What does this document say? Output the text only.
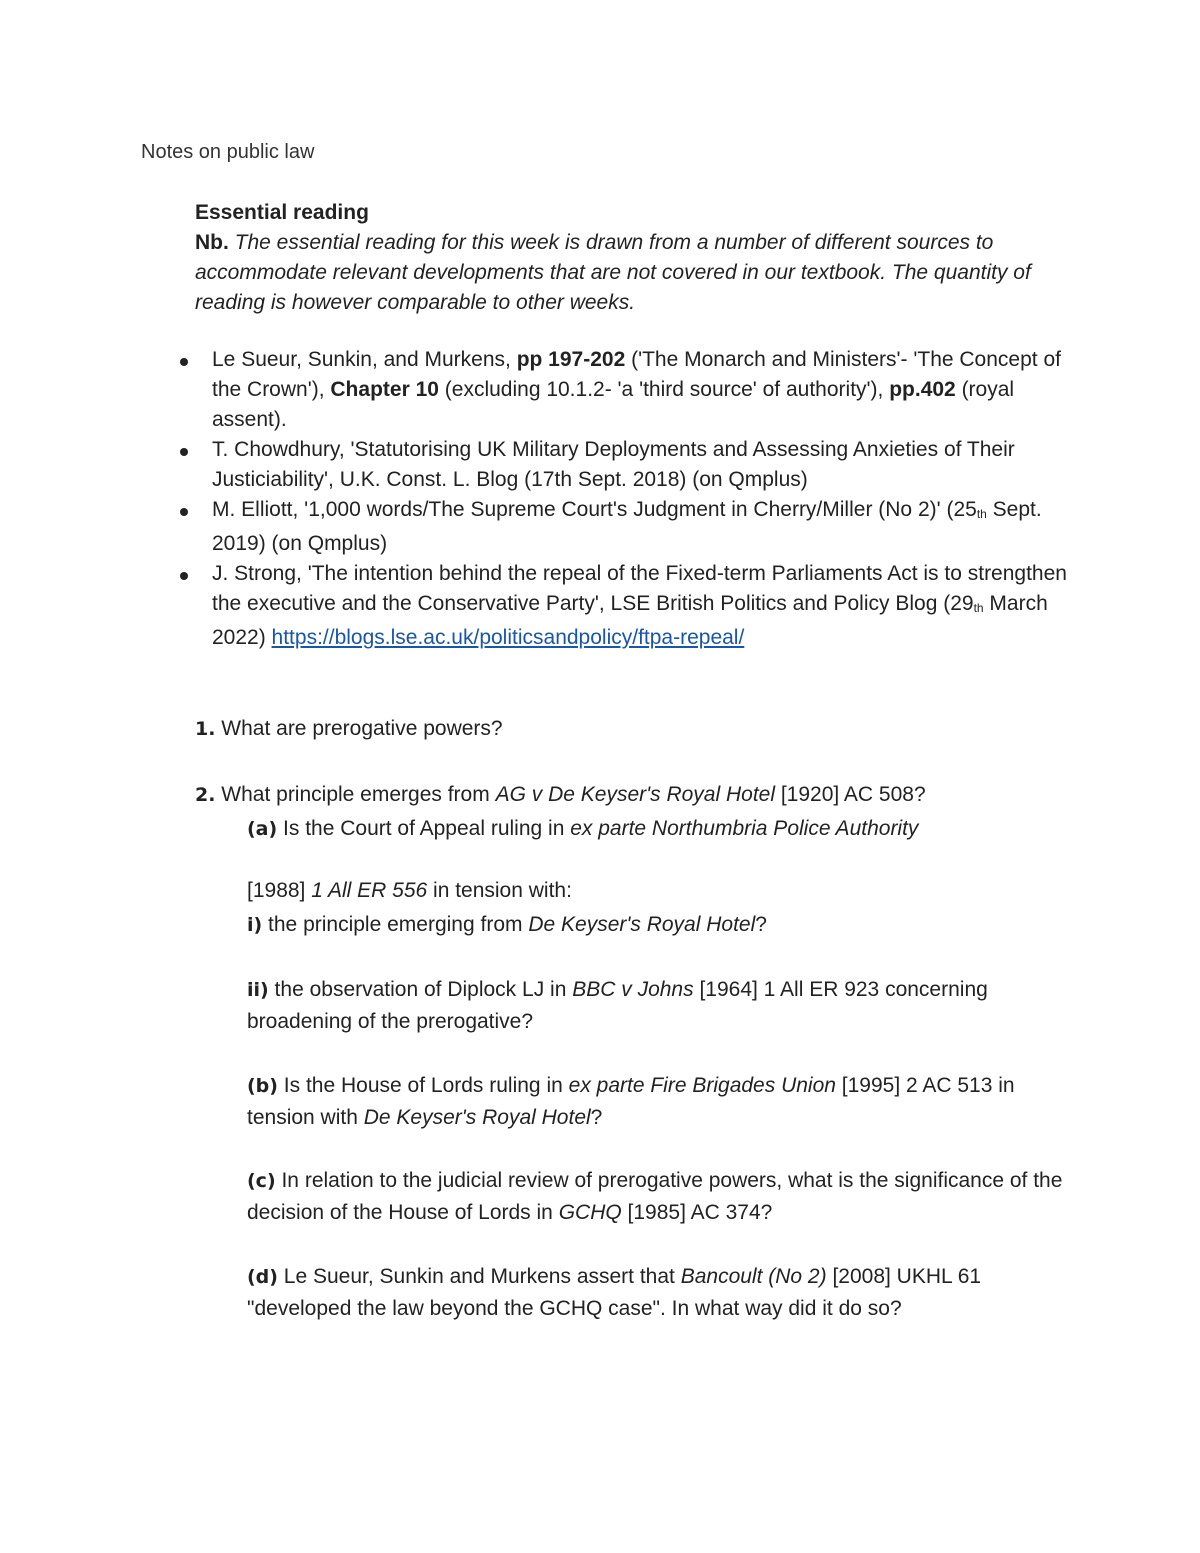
Notes on public law
Essential reading
Nb. The essential reading for this week is drawn from a number of different sources to accommodate relevant developments that are not covered in our textbook. The quantity of reading is however comparable to other weeks.
Le Sueur, Sunkin, and Murkens, pp 197-202 ('The Monarch and Ministers'- 'The Concept of the Crown'), Chapter 10 (excluding 10.1.2- 'a 'third source' of authority'), pp.402 (royal assent).
T. Chowdhury, 'Statutorising UK Military Deployments and Assessing Anxieties of Their Justiciability', U.K. Const. L. Blog (17th Sept. 2018) (on Qmplus)
M. Elliott, '1,000 words/The Supreme Court's Judgment in Cherry/Miller (No 2)' (25th Sept. 2019) (on Qmplus)
J. Strong, 'The intention behind the repeal of the Fixed-term Parliaments Act is to strengthen the executive and the Conservative Party', LSE British Politics and Policy Blog (29th March 2022) https://blogs.lse.ac.uk/politicsandpolicy/ftpa-repeal/
1. What are prerogative powers?
2. What principle emerges from AG v De Keyser's Royal Hotel [1920] AC 508?
(a) Is the Court of Appeal ruling in ex parte Northumbria Police Authority
[1988] 1 All ER 556 in tension with:
i) the principle emerging from De Keyser's Royal Hotel?
ii) the observation of Diplock LJ in BBC v Johns [1964] 1 All ER 923 concerning broadening of the prerogative?
(b) Is the House of Lords ruling in ex parte Fire Brigades Union [1995] 2 AC 513 in tension with De Keyser's Royal Hotel?
(c) In relation to the judicial review of prerogative powers, what is the significance of the decision of the House of Lords in GCHQ [1985] AC 374?
(d) Le Sueur, Sunkin and Murkens assert that Bancoult (No 2) [2008] UKHL 61 "developed the law beyond the GCHQ case". In what way did it do so?
